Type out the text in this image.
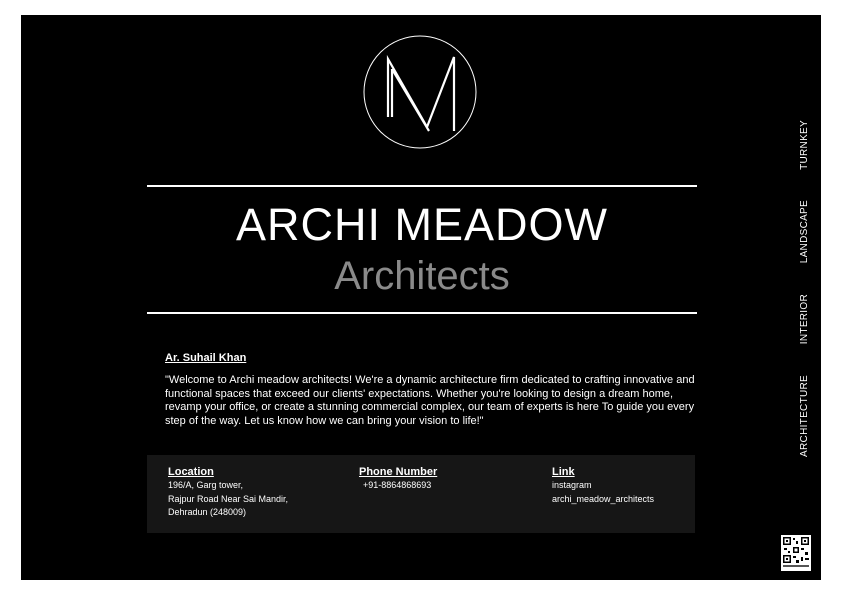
ARCHI MEADOW
Architects
Ar. Suhail Khan
"Welcome to Archi meadow architects! We're a dynamic architecture firm dedicated to crafting innovative and functional spaces that exceed our clients' expectations. Whether you're looking to design a dream home, revamp your office, or create a stunning commercial complex, our team of experts is here To guide you every step of the way. Let us know how we can bring your vision to life!"
Location
196/A, Garg tower,
Rajpur Road Near Sai Mandir,
Dehradun (248009)
Phone Number
+91-8864868693
Link
instagram
archi_meadow_architects
TURNKEY
LANDSCAPE
INTERIOR
ARCHITECTURE
